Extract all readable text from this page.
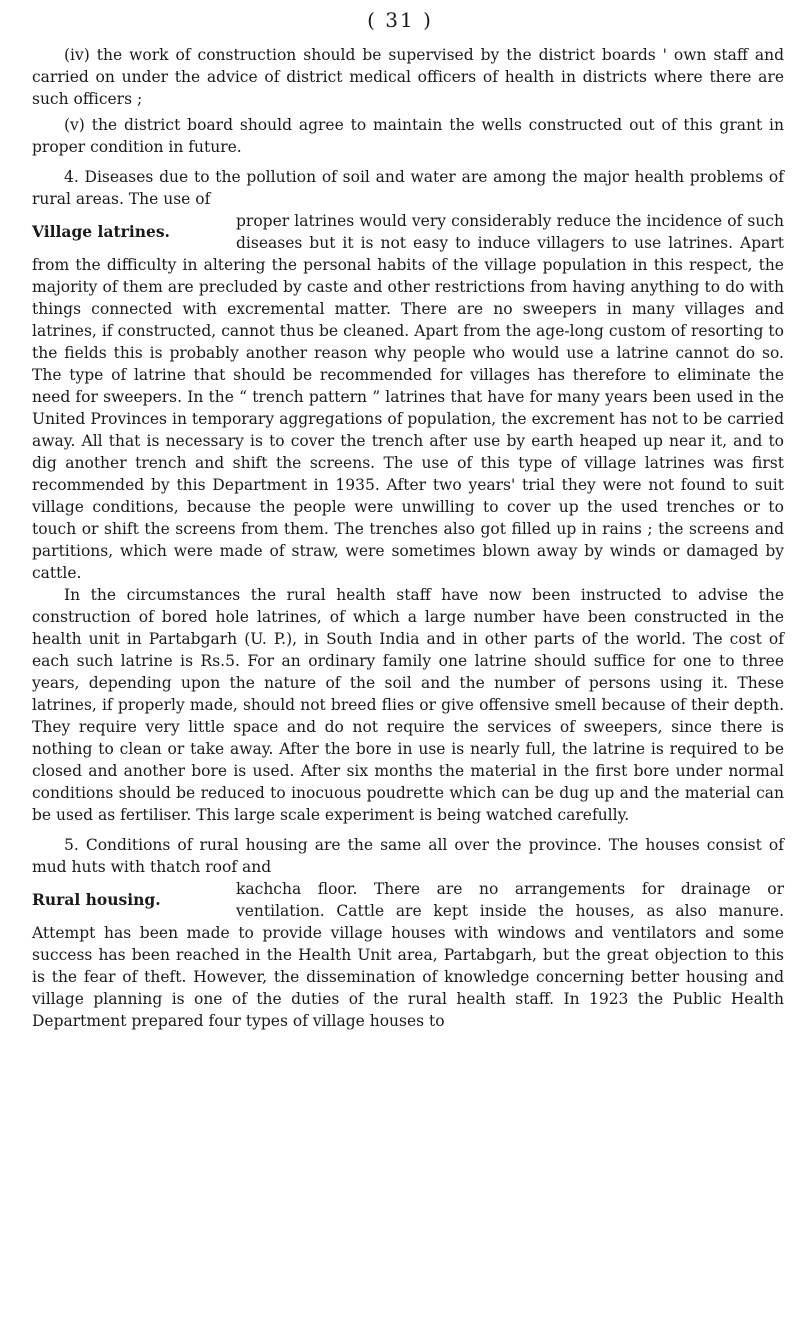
( 31 )

(iv) the work of construction should be supervised by the district boards ' own staff and carried on under the advice of district medical officers of health in districts where there are such officers ;

(v) the district board should agree to maintain the wells constructed out of this grant in proper condition in future.

4. Diseases due to the pollution of soil and water are among the major health problems of rural areas. The use of

Village latrines.

proper latrines would very considerably reduce the incidence of such diseases but it is not easy to induce villagers to use latrines. Apart from the difficulty in altering the personal habits of the village population in this respect, the majority of them are precluded by caste and other restrictions from having anything to do with things connected with excremental matter. There are no sweepers in many villages and latrines, if constructed, cannot thus be cleaned. Apart from the age-long custom of resorting to the fields this is probably another reason why people who would use a latrine cannot do so. The type of latrine that should be recommended for villages has therefore to eliminate the need for sweepers. In the “ trench pattern ” latrines that have for many years been used in the United Provinces in temporary aggregations of population, the excrement has not to be carried away. All that is necessary is to cover the trench after use by earth heaped up near it, and to dig another trench and shift the screens. The use of this type of village latrines was first recommended by this Department in 1935. After two years' trial they were not found to suit village conditions, because the people were unwilling to cover up the used trenches or to touch or shift the screens from them. The trenches also got filled up in rains ; the screens and partitions, which were made of straw, were sometimes blown away by winds or damaged by cattle.

In the circumstances the rural health staff have now been instructed to advise the construction of bored hole latrines, of which a large number have been constructed in the health unit in Partabgarh (U. P.), in South India and in other parts of the world. The cost of each such latrine is Rs.5. For an ordinary family one latrine should suffice for one to three years, depending upon the nature of the soil and the number of persons using it. These latrines, if properly made, should not breed flies or give offensive smell because of their depth. They require very little space and do not require the services of sweepers, since there is nothing to clean or take away. After the bore in use is nearly full, the latrine is required to be closed and another bore is used. After six months the material in the first bore under normal conditions should be reduced to inocuous poudrette which can be dug up and the material can be used as fertiliser. This large scale experiment is being watched carefully.

5. Conditions of rural housing are the same all over the province. The houses consist of mud huts with thatch roof and

Rural housing.

kachcha floor. There are no arrangements for drainage or ventilation. Cattle are kept inside the houses, as also manure. Attempt has been made to provide village houses with windows and ventilators and some success has been reached in the Health Unit area, Partabgarh, but the great objection to this is the fear of theft. However, the dissemination of knowledge concerning better housing and village planning is one of the duties of the rural health staff. In 1923 the Public Health Department prepared four types of village houses to
